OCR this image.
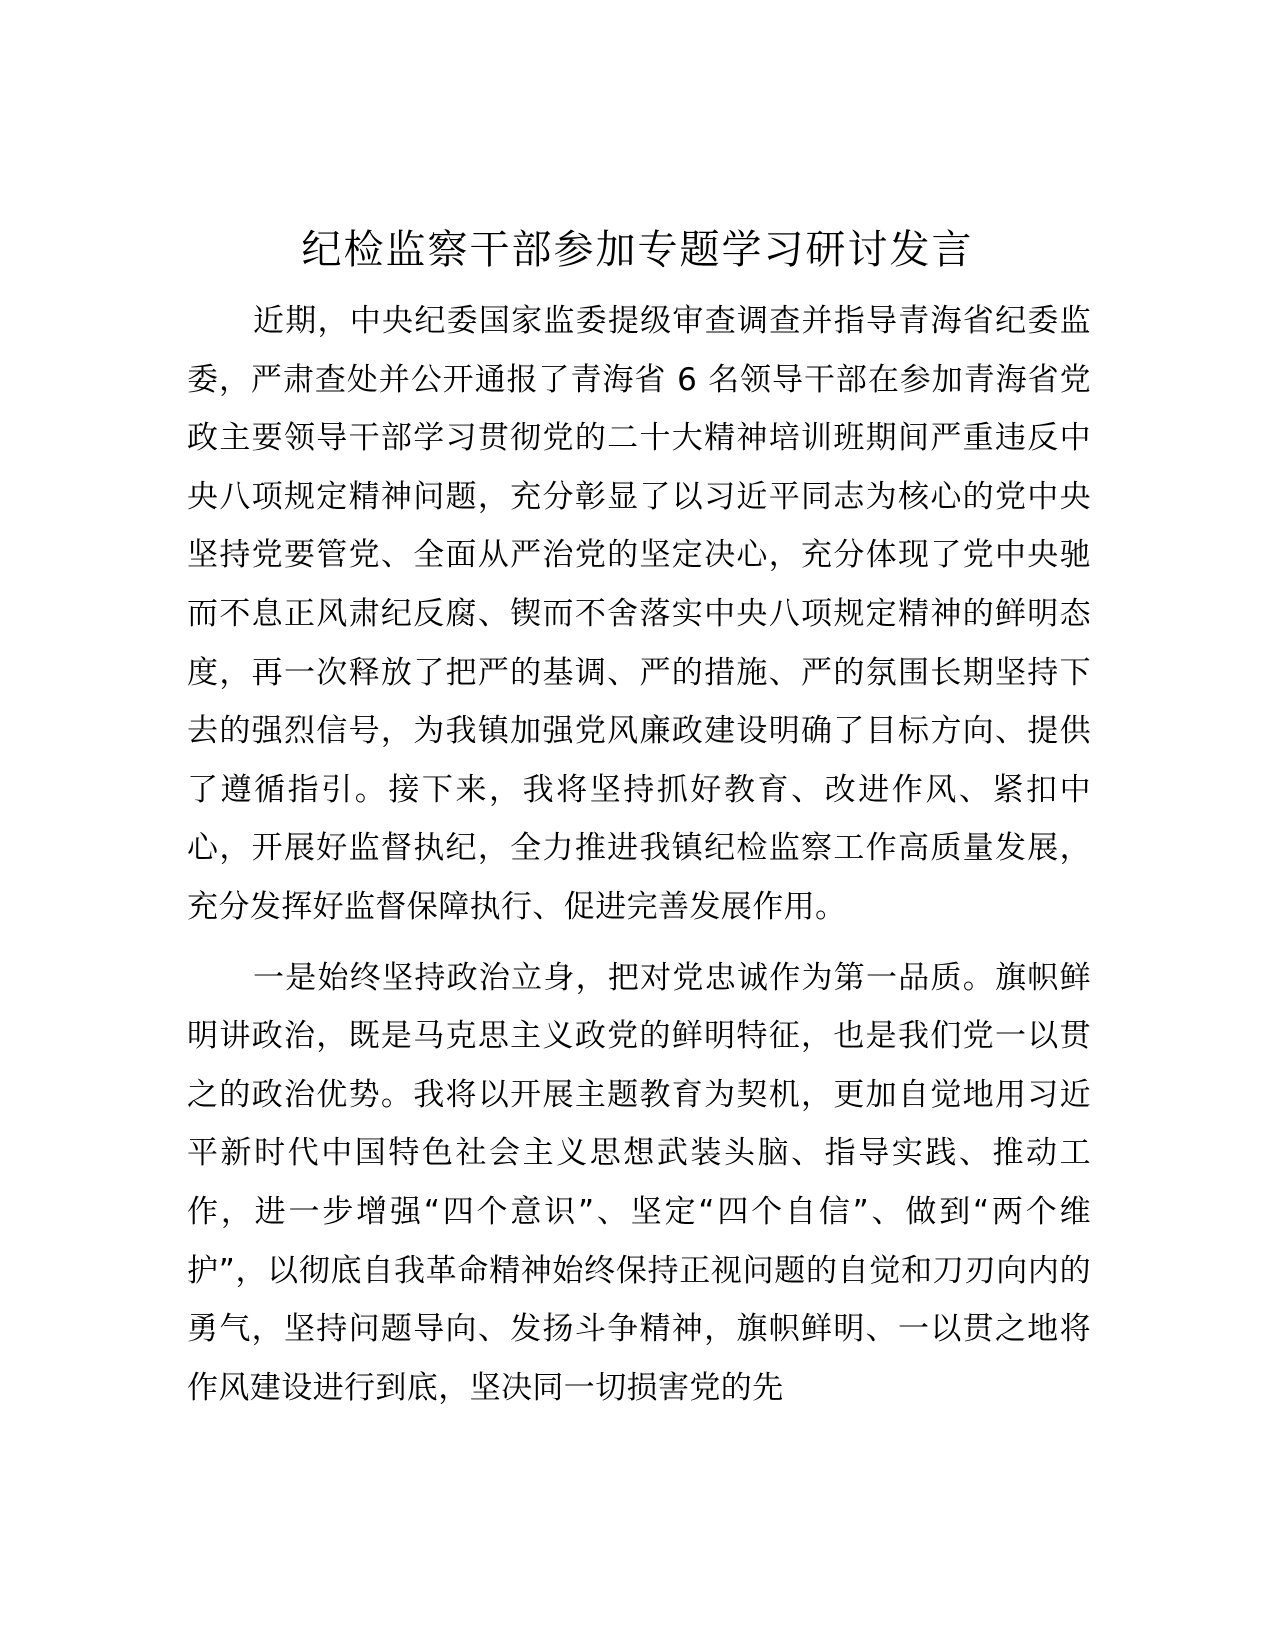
纪检监察干部参加专题学习研讨发言

近期，中央纪委国家监委提级审查调查并指导青海省纪委监委，严肃查处并公开通报了青海省 6 名领导干部在参加青海省党政主要领导干部学习贯彻党的二十大精神培训班期间严重违反中央八项规定精神问题，充分彰显了以习近平同志为核心的党中央坚持党要管党、全面从严治党的坚定决心，充分体现了党中央驰而不息正风肃纪反腐、锲而不舍落实中央八项规定精神的鲜明态度，再一次释放了把严的基调、严的措施、严的氛围长期坚持下去的强烈信号，为我镇加强党风廉政建设明确了目标方向、提供了遵循指引。接下来，我将坚持抓好教育、改进作风、紧扣中心，开展好监督执纪，全力推进我镇纪检监察工作高质量发展，充分发挥好监督保障执行、促进完善发展作用。

一是始终坚持政治立身，把对党忠诚作为第一品质。旗帜鲜明讲政治，既是马克思主义政党的鲜明特征，也是我们党一以贯之的政治优势。我将以开展主题教育为契机，更加自觉地用习近平新时代中国特色社会主义思想武装头脑、指导实践、推动工作，进一步增强“四个意识”、坚定“四个自信”、做到“两个维护”，以彻底自我革命精神始终保持正视问题的自觉和刀刃向内的勇气，坚持问题导向、发扬斗争精神，旗帜鲜明、一以贯之地将作风建设进行到底，坚决同一切损害党的先
